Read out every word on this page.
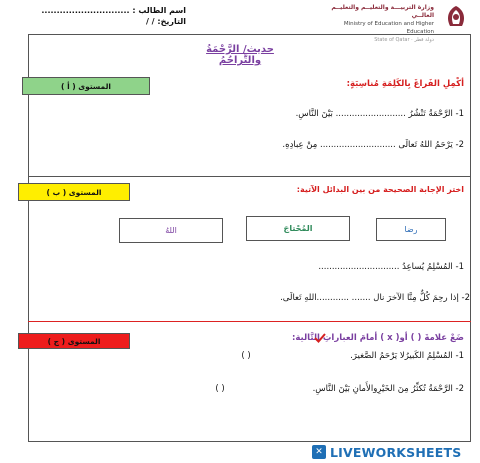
اسم الطالب : .............................
التاريخ: / /
وزارة التربيـــة والتعليــم والتعليــم العالــي
Ministry of Education and Higher Education
State of Qatar · دولة قطر
حديث/ الرَّحْمَةُ والتَّراحُمُ
المستوى ( أ )	أكْمِلِ الفَراغَ بِالكَلِمَةِ مُناسِبَةٍ:
1- الرَّحْمَةُ تَنْشُرُ .......................... بَيْنَ النَّاسِ.
2- يَرْحَمُ اللهُ تَعالَى ............................ مِنْ عِبادِهِ.
المستوى ( ب )	اختر الإجابة الصحيحة من بين البدائل الآتية:
رضا
المُحْتاجَ
اللهُ
1- المُسْلِمُ يُساعِدُ ..............................
2- إذا رحِمَ كُلٌّ مِنَّا الآخرَ نال ....... ............اللهِ تَعالَى.
المستوى ( ج )	ضَعْ علامةَ ( ) أو( x ) أمامَ العباراتِ التَّالية:
1- المُسْلِمُ الكَبيرُلا يَرْحَمُ الصَّغيرَ.
( )
2- الرَّحْمَةُ تُكثِّرُ مِنَ الخَيْرِوالأَمانِ بَيْنَ النَّاسِ.
( )
✕ LIVEWORKSHEETS
